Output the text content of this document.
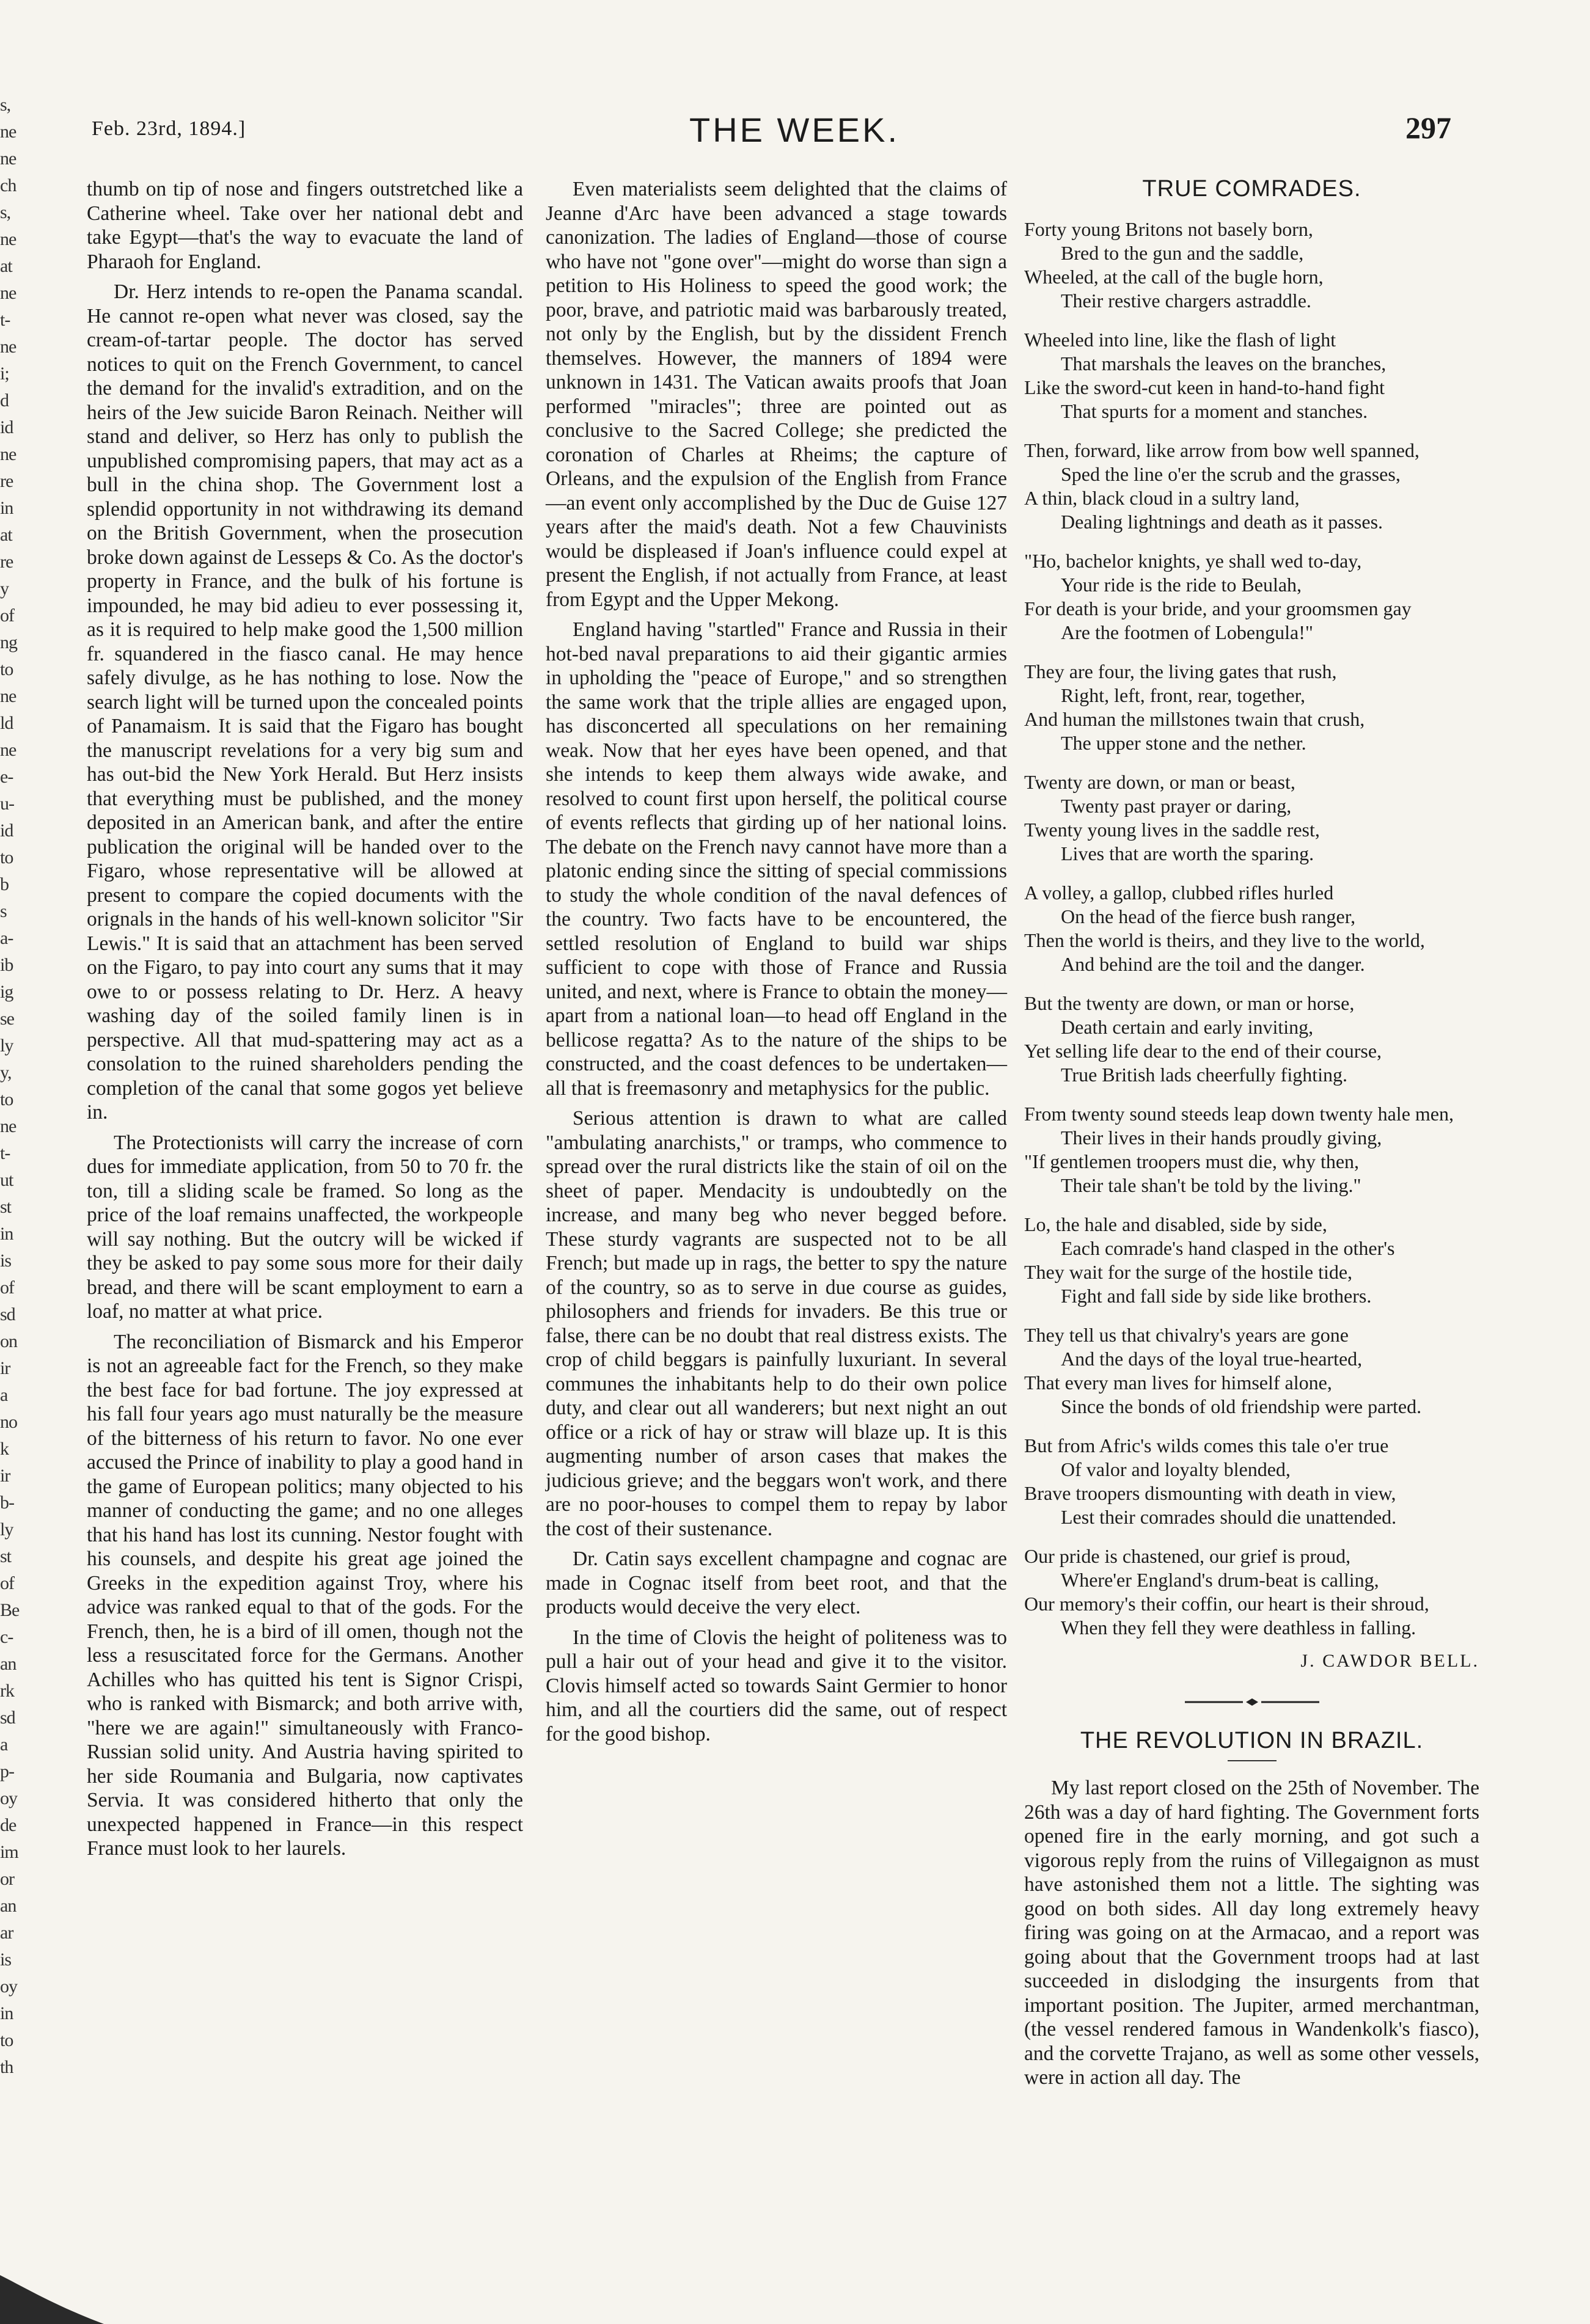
s,
ne
ne
ch
s,
ne
at
ne
t-
ne
i;
d
id
ne
re
in
at
re
y
of
ng
to
ne
ld
ne
e-
u-
id
to
b
s
a-
ib
ig
se
ly
y,
to
ne
t-
ut
st
in
is
of
sd
on
ir
a
no
k
ir
b-
ly
st
of
Be
c-
an
rk
sd
a
p-
oy
de
im
or
an
ar
is
oy
in
to
th
Feb. 23rd, 1894.]	THE WEEK.	297

thumb on tip of nose and fingers outstretched like a Catherine wheel. Take over her national debt and take Egypt—that's the way to evacuate the land of Pharaoh for England.

Dr. Herz intends to re-open the Panama scandal. He cannot re-open what never was closed, say the cream-of-tartar people. The doctor has served notices to quit on the French Government, to cancel the demand for the invalid's extradition, and on the heirs of the Jew suicide Baron Reinach. Neither will stand and deliver, so Herz has only to publish the unpublished compromising papers, that may act as a bull in the china shop. The Government lost a splendid opportunity in not withdrawing its demand on the British Government, when the prosecution broke down against de Lesseps & Co. As the doctor's property in France, and the bulk of his fortune is impounded, he may bid adieu to ever possessing it, as it is required to help make good the 1,500 million fr. squandered in the fiasco canal. He may hence safely divulge, as he has nothing to lose. Now the search light will be turned upon the concealed points of Panamaism. It is said that the Figaro has bought the manuscript revelations for a very big sum and has out-bid the New York Herald. But Herz insists that everything must be published, and the money deposited in an American bank, and after the entire publication the original will be handed over to the Figaro, whose representative will be allowed at present to compare the copied documents with the orignals in the hands of his well-known solicitor "Sir Lewis." It is said that an attachment has been served on the Figaro, to pay into court any sums that it may owe to or possess relating to Dr. Herz. A heavy washing day of the soiled family linen is in perspective. All that mud-spattering may act as a consolation to the ruined shareholders pending the completion of the canal that some gogos yet believe in.

The Protectionists will carry the increase of corn dues for immediate application, from 50 to 70 fr. the ton, till a sliding scale be framed. So long as the price of the loaf remains unaffected, the workpeople will say nothing. But the outcry will be wicked if they be asked to pay some sous more for their daily bread, and there will be scant employment to earn a loaf, no matter at what price.

The reconciliation of Bismarck and his Emperor is not an agreeable fact for the French, so they make the best face for bad fortune. The joy expressed at his fall four years ago must naturally be the measure of the bitterness of his return to favor. No one ever accused the Prince of inability to play a good hand in the game of European politics; many objected to his manner of conducting the game; and no one alleges that his hand has lost its cunning. Nestor fought with his counsels, and despite his great age joined the Greeks in the expedition against Troy, where his advice was ranked equal to that of the gods. For the French, then, he is a bird of ill omen, though not the less a resuscitated force for the Germans. Another Achilles who has quitted his tent is Signor Crispi, who is ranked with Bismarck; and both arrive with, "here we are again!" simultaneously with Franco-Russian solid unity. And Austria having spirited to her side Roumania and Bulgaria, now captivates Servia. It was considered hitherto that only the unexpected happened in France—in this respect France must look to her laurels.

Even materialists seem delighted that the claims of Jeanne d'Arc have been advanced a stage towards canonization. The ladies of England—those of course who have not "gone over"—might do worse than sign a petition to His Holiness to speed the good work; the poor, brave, and patriotic maid was barbarously treated, not only by the English, but by the dissident French themselves. However, the manners of 1894 were unknown in 1431. The Vatican awaits proofs that Joan performed "miracles"; three are pointed out as conclusive to the Sacred College; she predicted the coronation of Charles at Rheims; the capture of Orleans, and the expulsion of the English from France—an event only accomplished by the Duc de Guise 127 years after the maid's death. Not a few Chauvinists would be displeased if Joan's influence could expel at present the English, if not actually from France, at least from Egypt and the Upper Mekong.

England having "startled" France and Russia in their hot-bed naval preparations to aid their gigantic armies in upholding the "peace of Europe," and so strengthen the same work that the triple allies are engaged upon, has disconcerted all speculations on her remaining weak. Now that her eyes have been opened, and that she intends to keep them always wide awake, and resolved to count first upon herself, the political course of events reflects that girding up of her national loins. The debate on the French navy cannot have more than a platonic ending since the sitting of special commissions to study the whole condition of the naval defences of the country. Two facts have to be encountered, the settled resolution of England to build war ships sufficient to cope with those of France and Russia united, and next, where is France to obtain the money—apart from a national loan—to head off England in the bellicose regatta? As to the nature of the ships to be constructed, and the coast defences to be undertaken—all that is freemasonry and metaphysics for the public.

Serious attention is drawn to what are called "ambulating anarchists," or tramps, who commence to spread over the rural districts like the stain of oil on the sheet of paper. Mendacity is undoubtedly on the increase, and many beg who never begged before. These sturdy vagrants are suspected not to be all French; but made up in rags, the better to spy the nature of the country, so as to serve in due course as guides, philosophers and friends for invaders. Be this true or false, there can be no doubt that real distress exists. The crop of child beggars is painfully luxuriant. In several communes the inhabitants help to do their own police duty, and clear out all wanderers; but next night an out office or a rick of hay or straw will blaze up. It is this augmenting number of arson cases that makes the judicious grieve; and the beggars won't work, and there are no poor-houses to compel them to repay by labor the cost of their sustenance.

Dr. Catin says excellent champagne and cognac are made in Cognac itself from beet root, and that the products would deceive the very elect.

In the time of Clovis the height of politeness was to pull a hair out of your head and give it to the visitor. Clovis himself acted so towards Saint Germier to honor him, and all the courtiers did the same, out of respect for the good bishop.

TRUE COMRADES.
Forty young Britons not basely born,
Bred to the gun and the saddle,
Wheeled, at the call of the bugle horn,
Their restive chargers astraddle.
Wheeled into line, like the flash of light
That marshals the leaves on the branches,
Like the sword-cut keen in hand-to-hand fight
That spurts for a moment and stanches.
Then, forward, like arrow from bow well spanned,
Sped the line o'er the scrub and the grasses,
A thin, black cloud in a sultry land,
Dealing lightnings and death as it passes.
"Ho, bachelor knights, ye shall wed to-day,
Your ride is the ride to Beulah,
For death is your bride, and your groomsmen gay
Are the footmen of Lobengula!"
They are four, the living gates that rush,
Right, left, front, rear, together,
And human the millstones twain that crush,
The upper stone and the nether.
Twenty are down, or man or beast,
Twenty past prayer or daring,
Twenty young lives in the saddle rest,
Lives that are worth the sparing.
A volley, a gallop, clubbed rifles hurled
On the head of the fierce bush ranger,
Then the world is theirs, and they live to the world,
And behind are the toil and the danger.
But the twenty are down, or man or horse,
Death certain and early inviting,
Yet selling life dear to the end of their course,
True British lads cheerfully fighting.
From twenty sound steeds leap down twenty hale men,
Their lives in their hands proudly giving,
"If gentlemen troopers must die, why then,
Their tale shan't be told by the living."
Lo, the hale and disabled, side by side,
Each comrade's hand clasped in the other's
They wait for the surge of the hostile tide,
Fight and fall side by side like brothers.
They tell us that chivalry's years are gone
And the days of the loyal true-hearted,
That every man lives for himself alone,
Since the bonds of old friendship were parted.
But from Afric's wilds comes this tale o'er true
Of valor and loyalty blended,
Brave troopers dismounting with death in view,
Lest their comrades should die unattended.
Our pride is chastened, our grief is proud,
Where'er England's drum-beat is calling,
Our memory's their coffin, our heart is their shroud,
When they fell they were deathless in falling.
J. CAWDOR BELL.
THE REVOLUTION IN BRAZIL.

My last report closed on the 25th of November. The 26th was a day of hard fighting. The Government forts opened fire in the early morning, and got such a vigorous reply from the ruins of Villegaignon as must have astonished them not a little. The sighting was good on both sides. All day long extremely heavy firing was going on at the Armacao, and a report was going about that the Government troops had at last succeeded in dislodging the insurgents from that important position. The Jupiter, armed merchantman, (the vessel rendered famous in Wandenkolk's fiasco), and the corvette Trajano, as well as some other vessels, were in action all day. The
